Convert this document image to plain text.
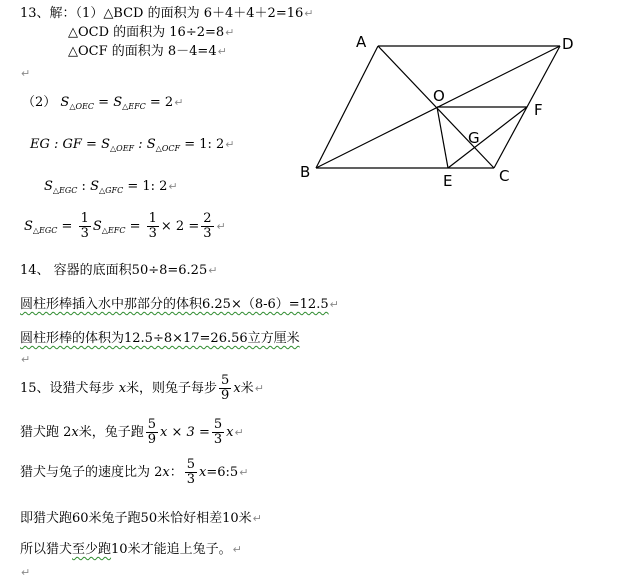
13、解：（1）△BCD 的面积为 6＋4＋4＋2=16↵
△OCD 的面积为 16÷2=8↵
△OCF 的面积为 8－4=4↵
↵
（2） $S_{\triangle OEC} = S_{\triangle EFC}$ = 2↵
EG : GF = $S_{\triangle OEF}$ : $S_{\triangle OCF} = 1$: 2↵
$S_{\triangle EGC}$ : $S_{\triangle GFC} = 1$: 2↵
$S_{\triangle EGC} = \frac{1}{3} S_{\triangle EFC} = \frac{1}{3} \times 2 = \frac{2}{3}$ ↵
14、 容器的底面积50÷8=6.25↵
圆柱形棒插入水中那部分的体积6.25×（8-6）=12.5↵
圆柱形棒的体积为12.5÷8×17=26.56立方厘米
↵
15、设猎犬每步 x米，则兔子每步 $\frac{5}{9}$ x米↵
猎犬跑 2x米，兔子跑 $\frac{5}{9}$ $x \times 3 = \frac{5}{3}$ x↵
猎犬与兔子的速度比为 2x： $\frac{5}{3}$ x=6:5↵
即猎犬跑60米兔子跑50米恰好相差10米↵
所以猎犬至少跑10米才能追上兔子。↵
↵
A	D
O
F
G
B	E	C
